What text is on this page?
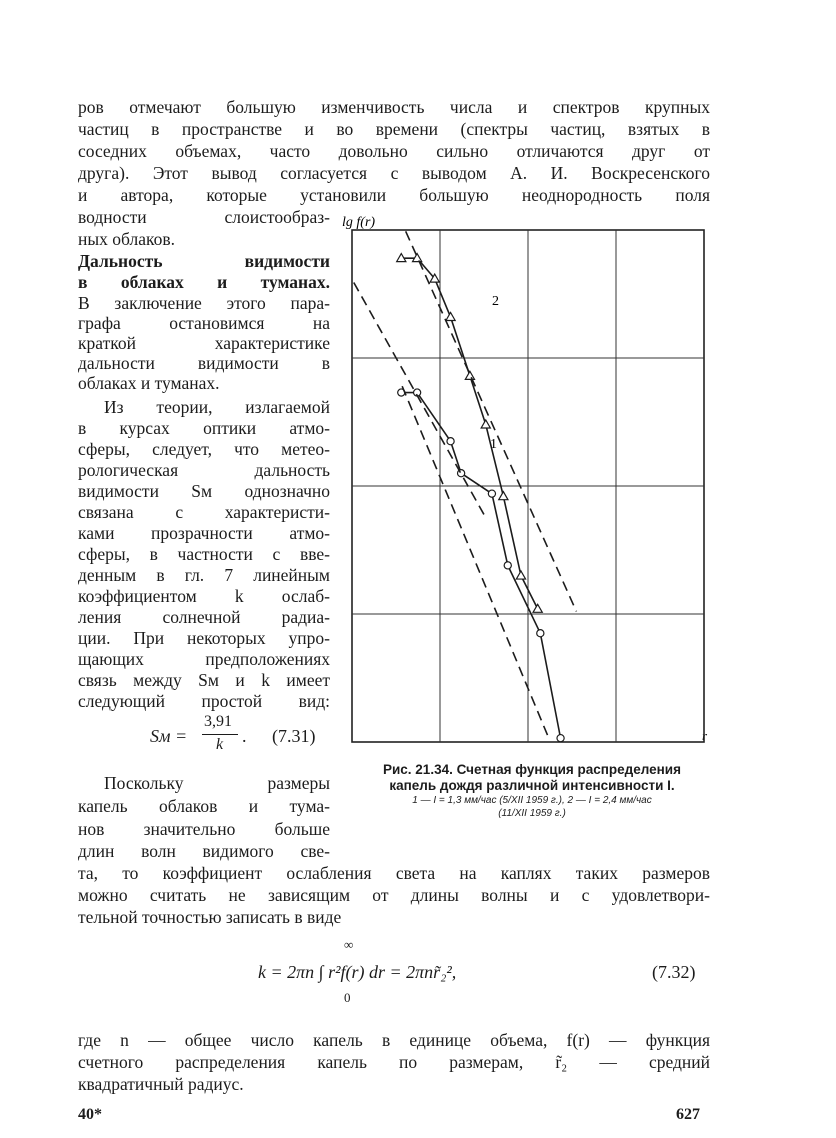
ров отмечают большую изменчивость числа и спектров крупных

частиц в пространстве и во времени (спектры частиц, взятых в

соседних объемах, часто довольно сильно отличаются друг от

друга). Этот вывод согласуется с выводом А. И. Воскресенского

и автора, которые установили большую неоднородность поля

водности слоистообраз-

ных облаков.

Дальность видимости

в облаках и туманах.

В заключение этого пара-

графа остановимся на

краткой характеристике

дальности видимости в

облаках и туманах.

Из теории, излагаемой

в курсах оптики атмо-

сферы, следует, что метео-

рологическая дальность

видимости Sм однозначно

связана с характеристи-

ками прозрачности атмо-

сферы, в частности с вве-

денным в гл. 7 линейным

коэффициентом k ослаб-

ления солнечной радиа-

ции. При некоторых упро-

щающих предположениях

связь между Sм и k имеет

следующий простой вид:

Sм =
3,91
k . (7.31)

Поскольку размеры

капель облаков и тума-

нов значительно больше

длин волн видимого све-

та, то коэффициент ослабления света на каплях таких размеров

можно считать не зависящим от длины волны и с удовлетвори-

тельной точностью записать в виде

∞
k = 2πn ∫ r²f(r) dr = 2πnr̃₂²,
0
(7.32)

где n — общее число капель в единице объема, f(r) — функция

счетного распределения капель по размерам, r̃₂ — средний

квадратичный радиус.

lg f(r)
r
1
2
Рис. 21.34. Счетная функция распределения
капель дождя различной интенсивности I.
1 — I = 1,3 мм/час (5/XII 1959 г.), 2 — I = 2,4 мм/час
(11/XII 1959 г.)
40*	627
